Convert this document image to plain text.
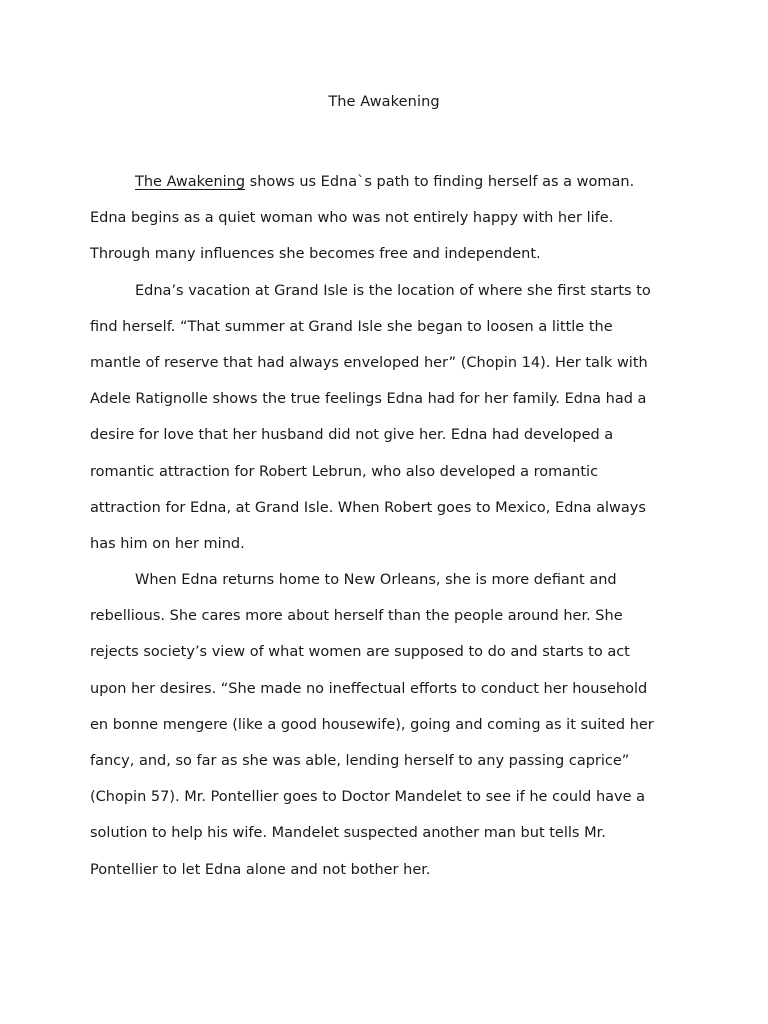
The Awakening
The Awakening shows us Edna`s path to finding herself as a woman.
Edna begins as a quiet woman who was not entirely happy with her life.
Through many influences she becomes free and independent.
Edna’s vacation at Grand Isle is the location of where she first starts to
find herself. “That summer at Grand Isle she began to loosen a little the
mantle of reserve that had always enveloped her” (Chopin 14). Her talk with
Adele Ratignolle shows the true feelings Edna had for her family. Edna had a
desire for love that her husband did not give her. Edna had developed a
romantic attraction for Robert Lebrun, who also developed a romantic
attraction for Edna, at Grand Isle. When Robert goes to Mexico, Edna always
has him on her mind.
When Edna returns home to New Orleans, she is more defiant and
rebellious. She cares more about herself than the people around her. She
rejects society’s view of what women are supposed to do and starts to act
upon her desires. “She made no ineffectual efforts to conduct her household
en bonne mengere (like a good housewife), going and coming as it suited her
fancy, and, so far as she was able, lending herself to any passing caprice”
(Chopin 57). Mr. Pontellier goes to Doctor Mandelet to see if he could have a
solution to help his wife. Mandelet suspected another man but tells Mr.
Pontellier to let Edna alone and not bother her.
